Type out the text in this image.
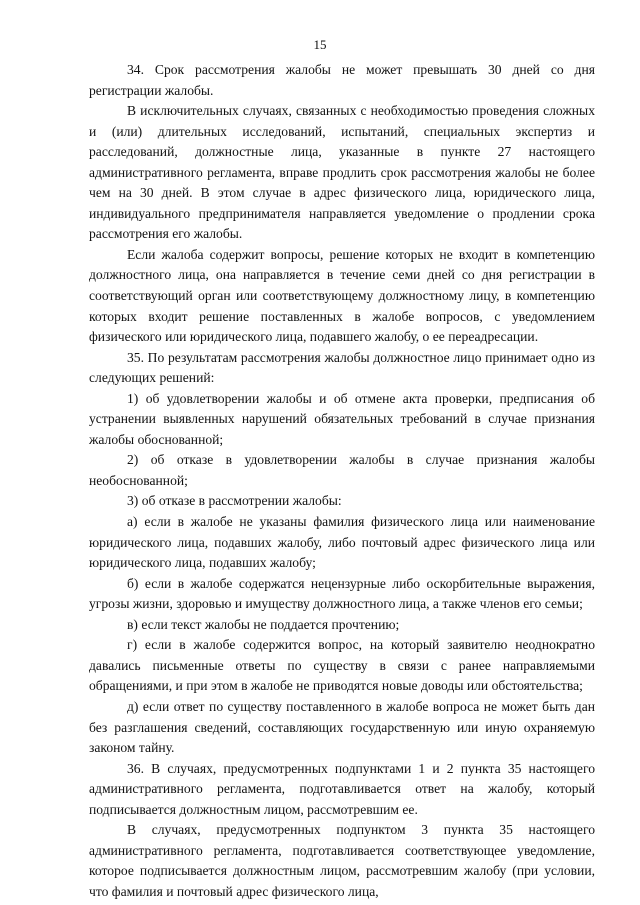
15

34. Срок рассмотрения жалобы не может превышать 30 дней со дня регистрации жалобы.

В исключительных случаях, связанных с необходимостью проведения сложных и (или) длительных исследований, испытаний, специальных экспертиз и расследований, должностные лица, указанные в пункте 27 настоящего административного регламента, вправе продлить срок рассмотрения жалобы не более чем на 30 дней. В этом случае в адрес физического лица, юридического лица, индивидуального предпринимателя направляется уведомление о продлении срока рассмотрения его жалобы.

Если жалоба содержит вопросы, решение которых не входит в компетенцию должностного лица, она направляется в течение семи дней со дня регистрации в соответствующий орган или соответствующему должностному лицу, в компетенцию которых входит решение поставленных в жалобе вопросов, с уведомлением физического или юридического лица, подавшего жалобу, о ее переадресации.

35. По результатам рассмотрения жалобы должностное лицо принимает одно из следующих решений:

1) об удовлетворении жалобы и об отмене акта проверки, предписания об устранении выявленных нарушений обязательных требований в случае признания жалобы обоснованной;

2) об отказе в удовлетворении жалобы в случае признания жалобы необоснованной;

3) об отказе в рассмотрении жалобы:

а) если в жалобе не указаны фамилия физического лица или наименование юридического лица, подавших жалобу, либо почтовый адрес физического лица или юридического лица, подавших жалобу;

б) если в жалобе содержатся нецензурные либо оскорбительные выражения, угрозы жизни, здоровью и имуществу должностного лица, а также членов его семьи;

в) если текст жалобы не поддается прочтению;

г) если в жалобе содержится вопрос, на который заявителю неоднократно давались письменные ответы по существу в связи с ранее направляемыми обращениями, и при этом в жалобе не приводятся новые доводы или обстоятельства;

д) если ответ по существу поставленного в жалобе вопроса не может быть дан без разглашения сведений, составляющих государственную или иную охраняемую законом тайну.

36. В случаях, предусмотренных подпунктами 1 и 2 пункта 35 настоящего административного регламента, подготавливается ответ на жалобу, который подписывается должностным лицом, рассмотревшим ее.

В случаях, предусмотренных подпунктом 3 пункта 35 настоящего административного регламента, подготавливается соответствующее уведомление, которое подписывается должностным лицом, рассмотревшим жалобу (при условии, что фамилия и почтовый адрес физического лица,
